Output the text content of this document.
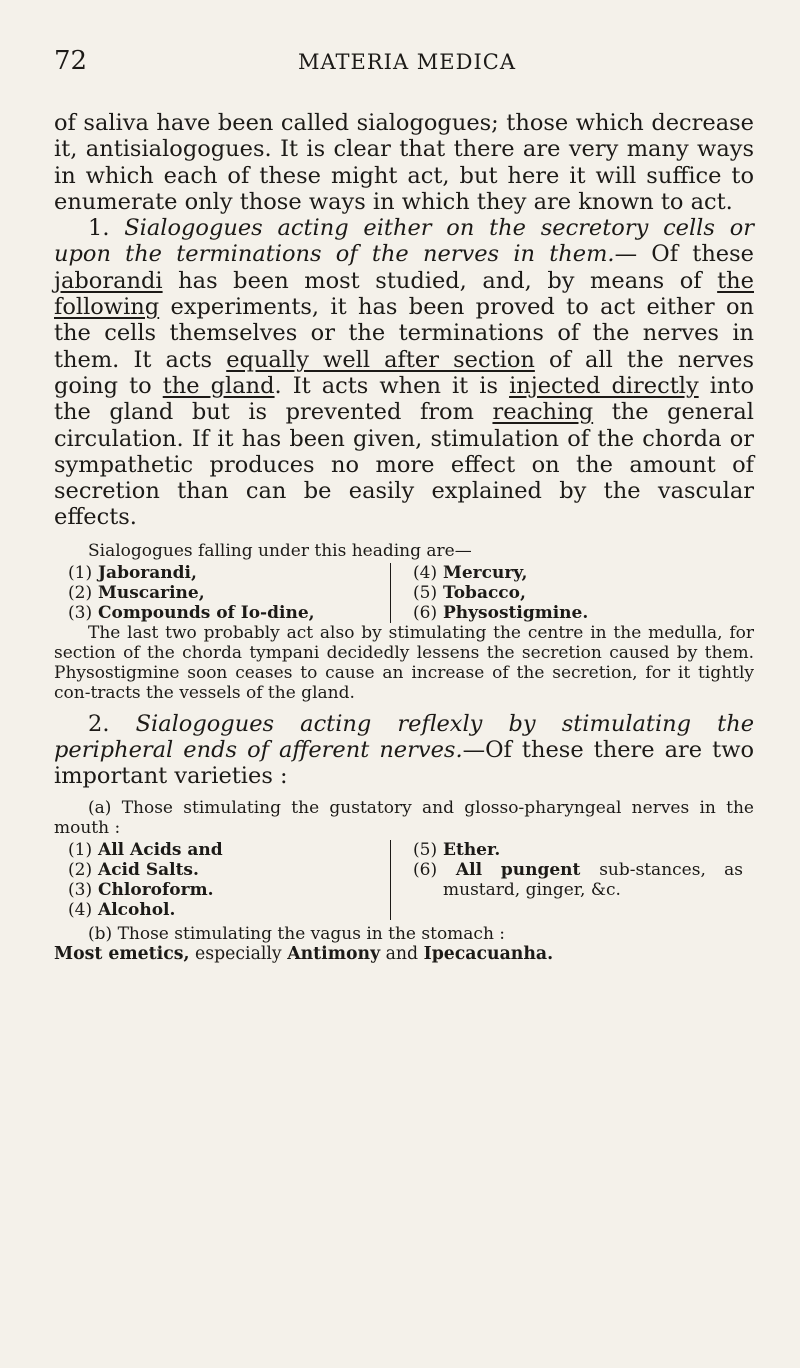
72	MATERIA MEDICA

of saliva have been called sialogogues; those which decrease it, antisialogogues. It is clear that there are very many ways in which each of these might act, but here it will suffice to enumerate only those ways in which they are known to act.

1. Sialogogues acting either on the secretory cells or upon the terminations of the nerves in them.— Of these jaborandi has been most studied, and, by means of the following experiments, it has been proved to act either on the cells themselves or the terminations of the nerves in them. It acts equally well after section of all the nerves going to the gland. It acts when it is injected directly into the gland but is prevented from reaching the general circulation. If it has been given, stimulation of the chorda or sympathetic produces no more effect on the amount of secretion than can be easily explained by the vascular effects.

Sialogogues falling under this heading are—

(1) Jaborandi,
(2) Muscarine,
(3) Compounds of Io-dine,
(4) Mercury,
(5) Tobacco,
(6) Physostigmine.

The last two probably act also by stimulating the centre in the medulla, for section of the chorda tympani decidedly lessens the secretion caused by them. Physostigmine soon ceases to cause an increase of the secretion, for it tightly con-tracts the vessels of the gland.

2. Sialogogues acting reflexly by stimulating the peripheral ends of afferent nerves.—Of these there are two important varieties :

(a) Those stimulating the gustatory and glosso-pharyngeal nerves in the mouth :

(1) All Acids and
(2) Acid Salts.
(3) Chloroform.
(4) Alcohol.
(5) Ether.
(6) All pungent sub-stances, as mustard, ginger, &c.

(b) Those stimulating the vagus in the stomach :

Most emetics, especially Antimony and Ipecacuanha.
